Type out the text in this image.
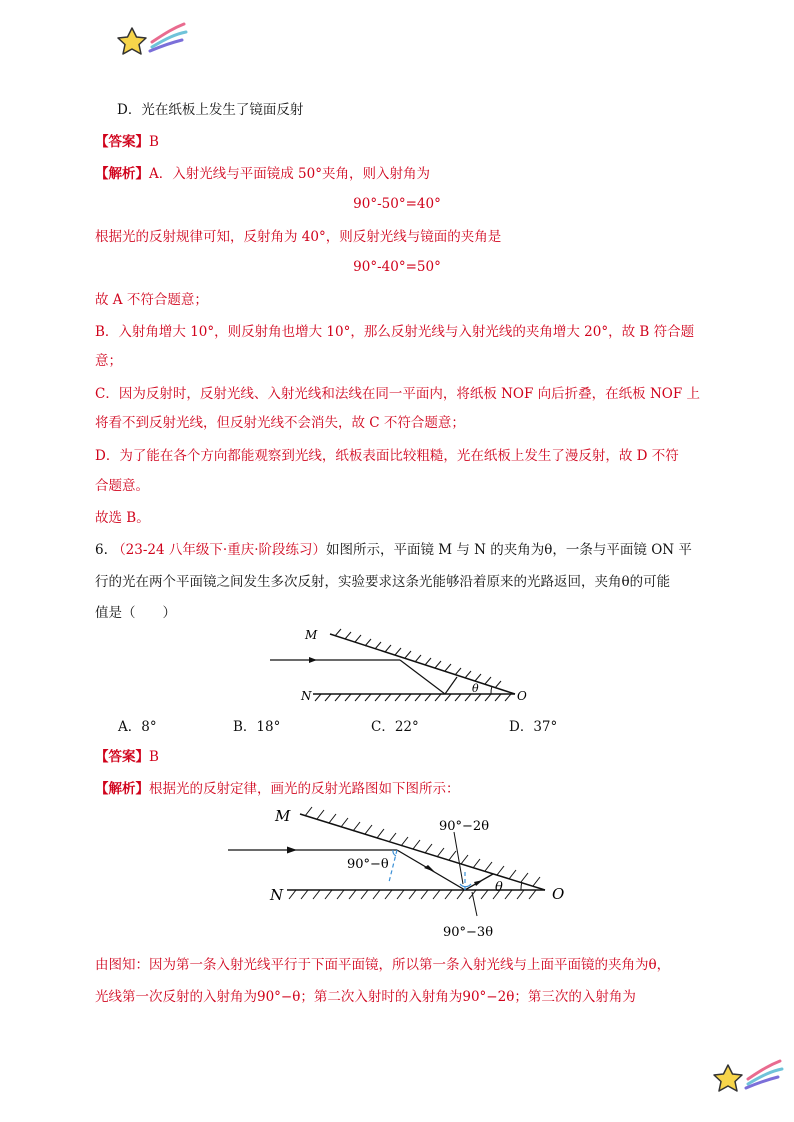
D．光在纸板上发生了镜面反射
【答案】B
【解析】A．入射光线与平面镜成 50°夹角，则入射角为
90°-50°=40°
根据光的反射规律可知，反射角为 40°，则反射光线与镜面的夹角是
90°-40°=50°
故 A 不符合题意；
B．入射角增大 10°，则反射角也增大 10°，那么反射光线与入射光线的夹角增大 20°，故 B 符合题
意；
C．因为反射时，反射光线、入射光线和法线在同一平面内，将纸板 NOF 向后折叠，在纸板 NOF 上
将看不到反射光线，但反射光线不会消失，故 C 不符合题意；
D．为了能在各个方向都能观察到光线，纸板表面比较粗糙，光在纸板上发生了漫反射，故 D 不符
合题意。
故选 B。
6. （23-24 八年级下·重庆·阶段练习）如图所示，平面镜 M 与 N 的夹角为θ，一条与平面镜 ON 平
行的光在两个平面镜之间发生多次反射，实验要求这条光能够沿着原来的光路返回，夹角θ的可能
值是（　　）
M
N	O
θ
A．8°	B．18°	C．22°	D．37°
【答案】B
【解析】根据光的反射定律，画光的反射光路图如下图所示：
M
N	O
θ
90°−θ
90°−2θ
90°−3θ
由图知：因为第一条入射光线平行于下面平面镜，所以第一条入射光线与上面平面镜的夹角为θ，
光线第一次反射的入射角为90°−θ；第二次入射时的入射角为90°−2θ；第三次的入射角为
